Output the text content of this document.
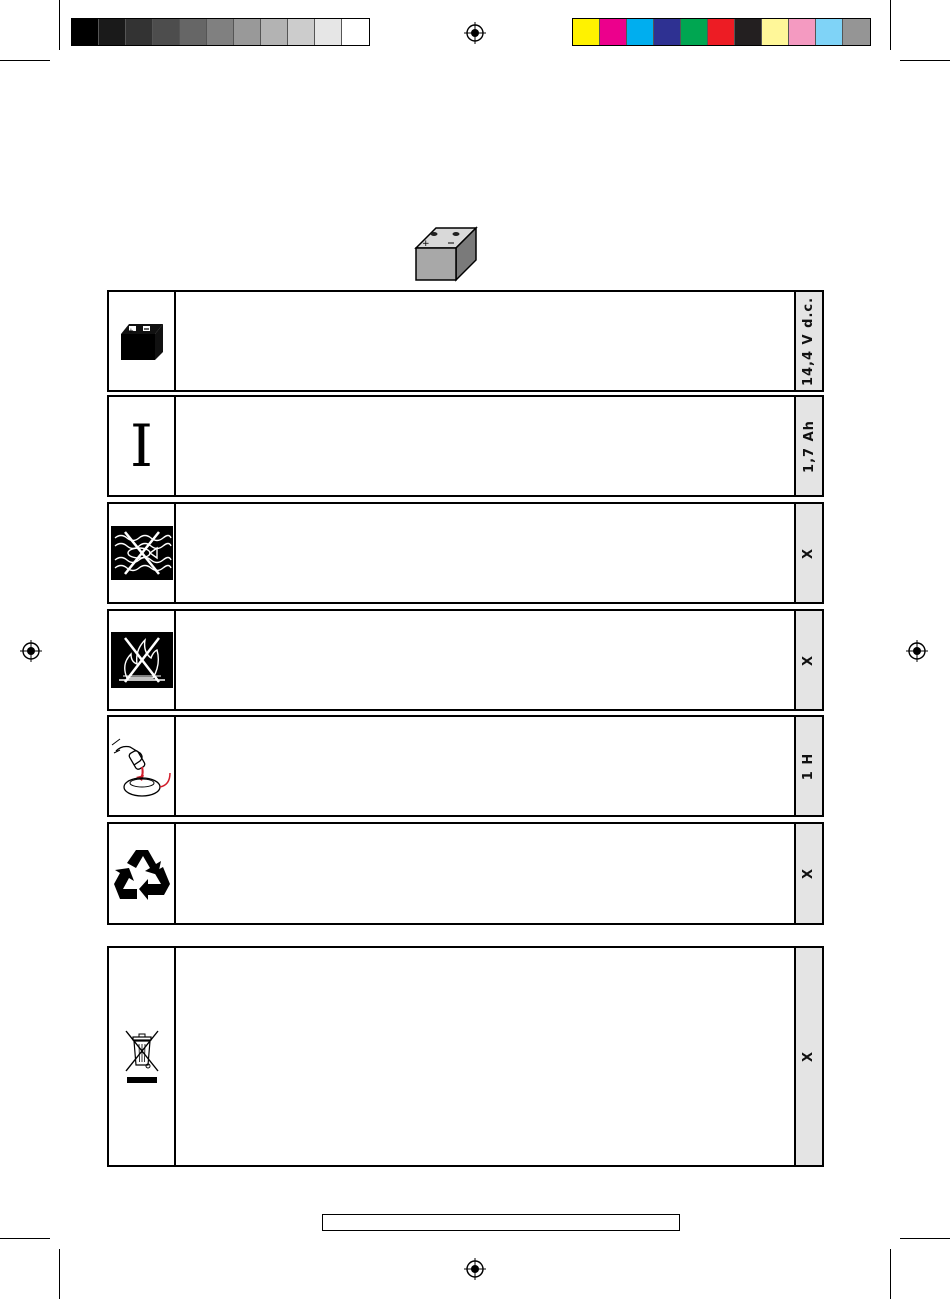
+
+	14,4 V d.c.
I	1,7 Ah
X
X
1 H
X
X
